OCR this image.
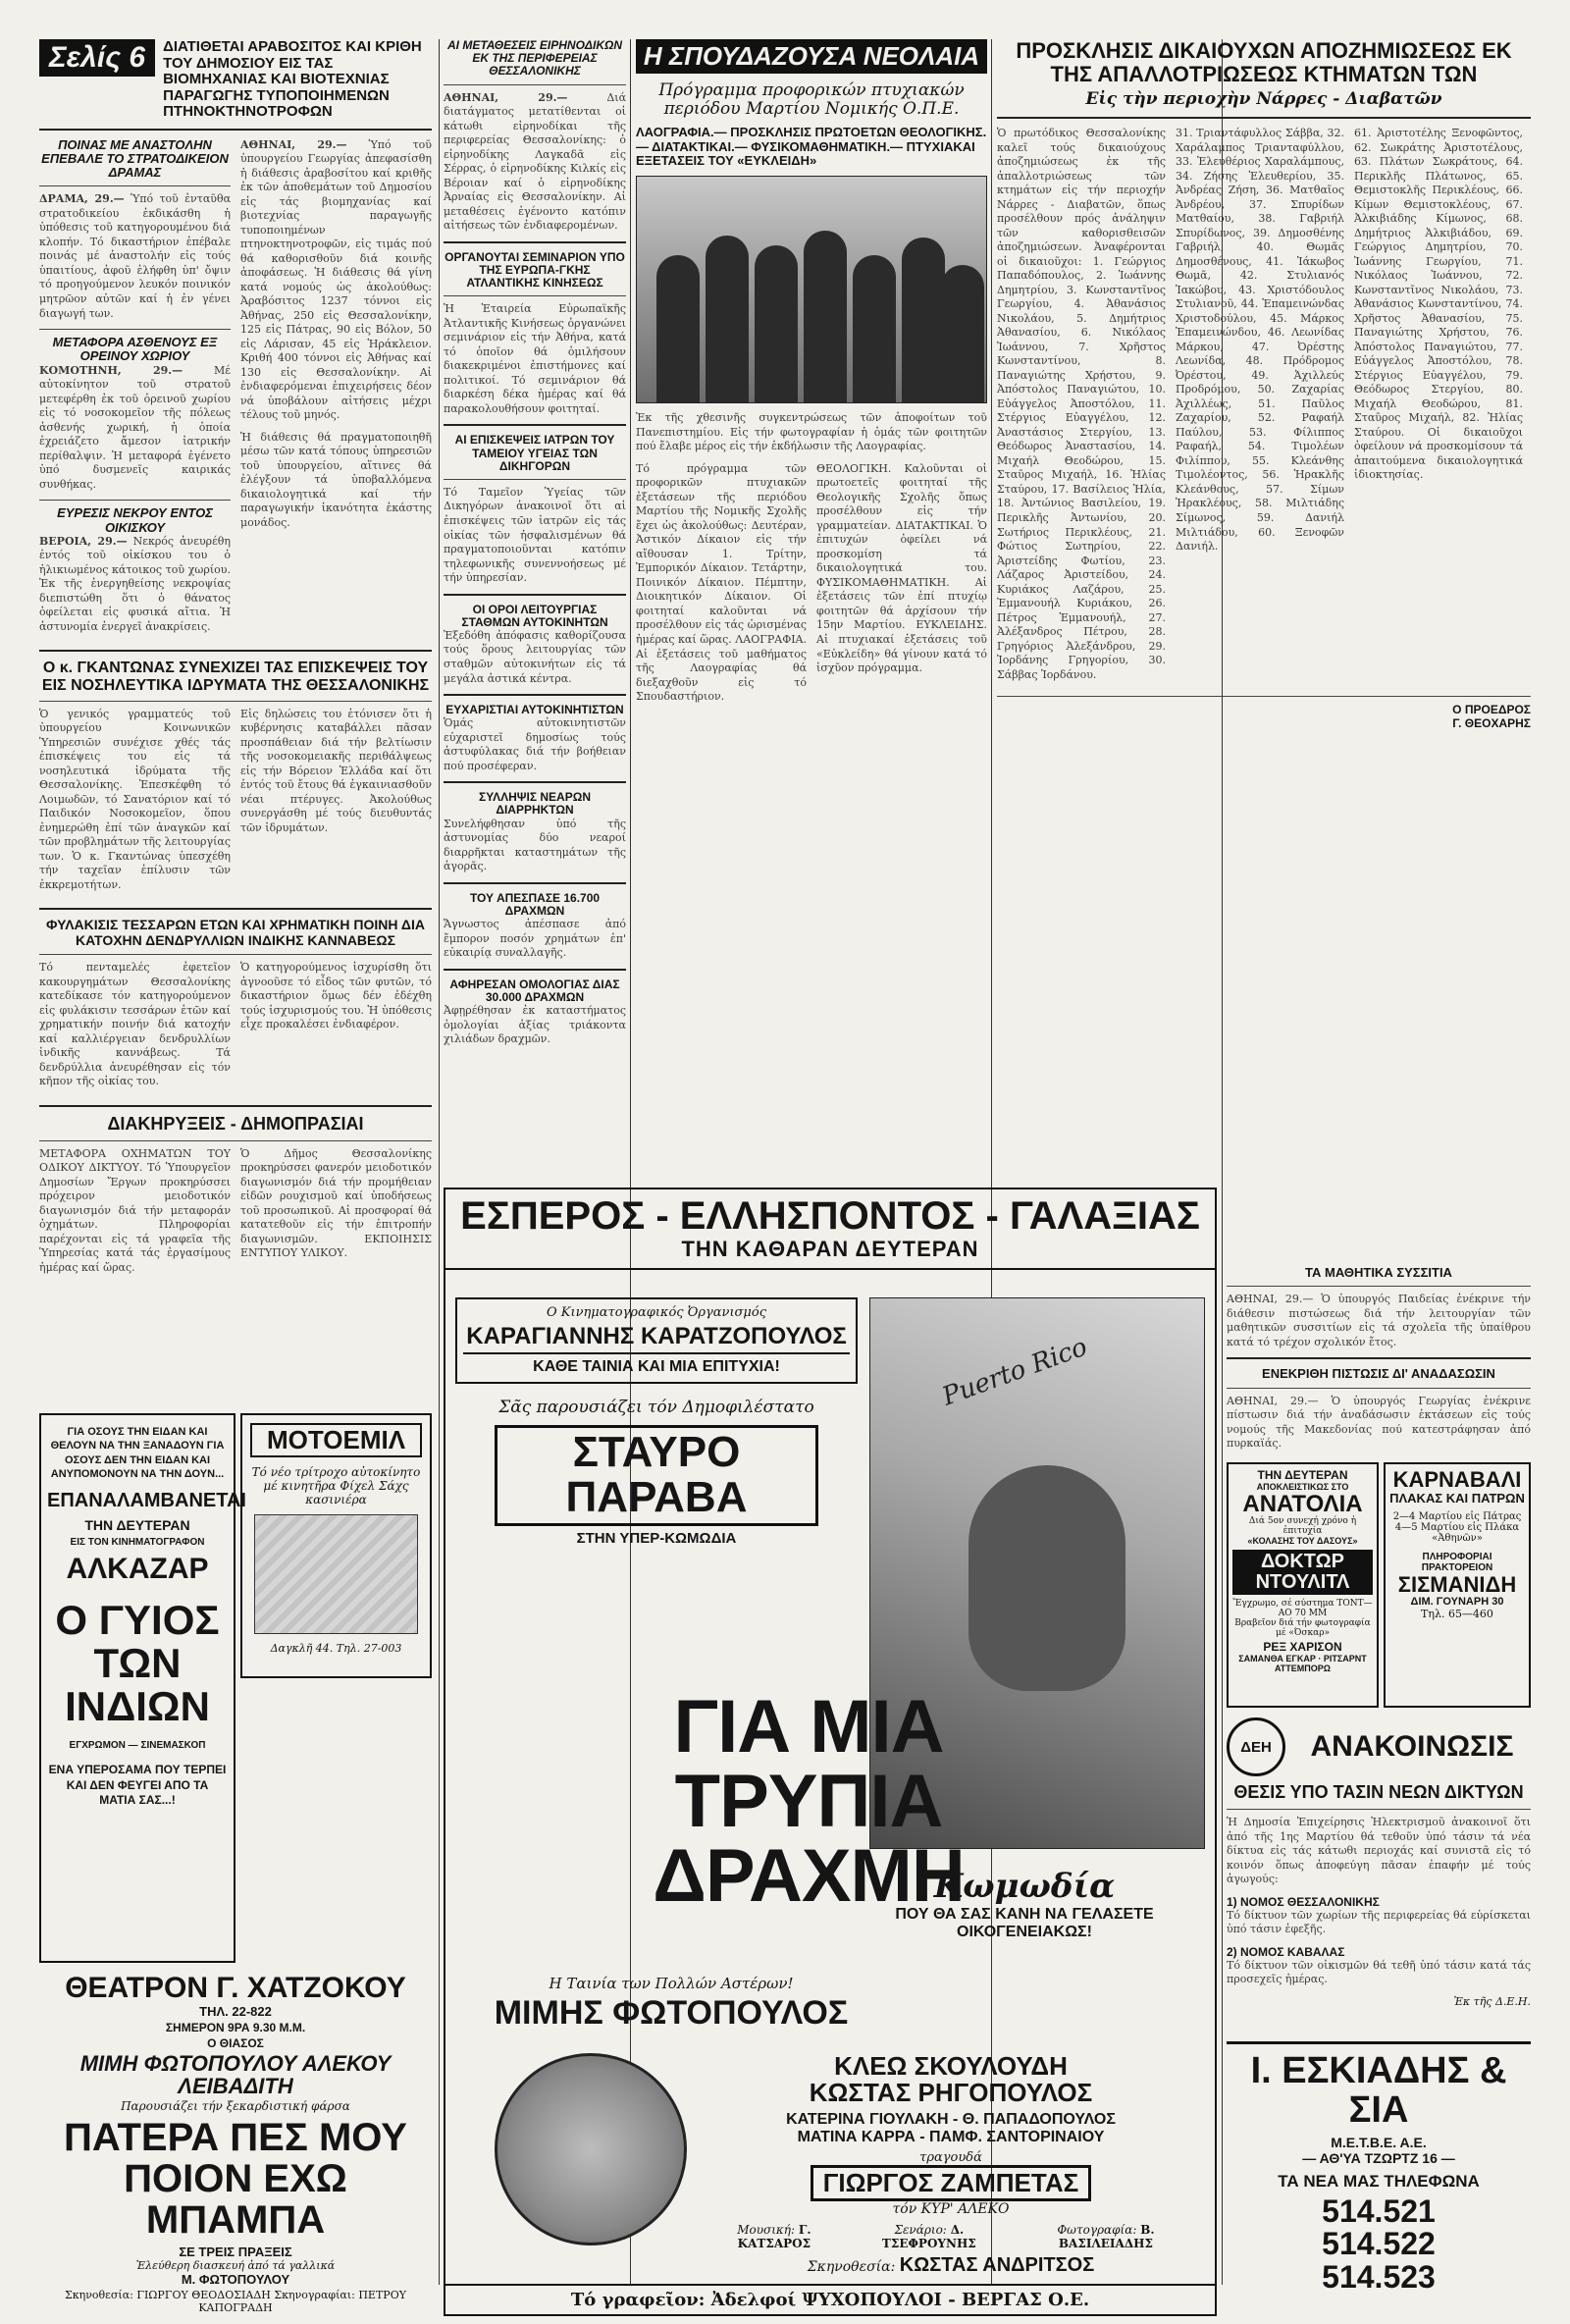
Σελίς 6	ΔΙΑΤΙΘΕΤΑΙ ΑΡΑΒΟΣΙΤΟΣ ΚΑΙ ΚΡΙΘΗ ΤΟΥ ΔΗΜΟΣΙΟΥ ΕΙΣ ΤΑΣ ΒΙΟΜΗΧΑΝΙΑΣ ΚΑΙ ΒΙΟΤΕΧΝΙΑΣ ΠΑΡΑΓΩΓΗΣ ΤΥΠΟΠΟΙΗΜΕΝΩΝ ΠΤΗΝΟΚΤΗΝΟΤΡΟΦΩΝ
ΠΟΙΝΑΣ ΜΕ ΑΝΑΣΤΟΛΗΝ ΕΠΕΒΑΛΕ ΤΟ ΣΤΡΑΤΟΔΙΚΕΙΟΝ ΔΡΑΜΑΣ

ΔΡΑΜΑ, 29.— Ὑπό τοῦ ἐνταῦθα στρατοδικείου ἐκδικάσθη ἡ ὑπόθεσις τοῦ κατηγορουμένου διά κλοπήν. Τό δικαστήριον ἐπέβαλε ποινάς μέ ἀναστολήν εἰς τούς ὑπαιτίους, ἀφοῦ ἐλήφθη ὑπ' ὄψιν τό προηγούμενον λευκόν ποινικόν μητρῶον αὐτῶν καί ἡ ἐν γένει διαγωγή των.

ΜΕΤΑΦΟΡΑ ΑΣΘΕΝΟΥΣ ΕΞ ΟΡΕΙΝΟΥ ΧΩΡΙΟΥ

ΚΟΜΟΤΗΝΗ, 29.— Μέ αὐτοκίνητον τοῦ στρατοῦ μετεφέρθη ἐκ τοῦ ὀρεινοῦ χωρίου εἰς τό νοσοκομεῖον τῆς πόλεως ἀσθενής χωρική, ἡ ὁποία ἐχρειάζετο ἄμεσον ἰατρικήν περίθαλψιν. Ἡ μεταφορά ἐγένετο ὑπό δυσμενεῖς καιρικάς συνθήκας.

ΕΥΡΕΣΙΣ ΝΕΚΡΟΥ ΕΝΤΟΣ ΟΙΚΙΣΚΟΥ

ΒΕΡΟΙΑ, 29.— Νεκρός ἀνευρέθη ἐντός τοῦ οἰκίσκου του ὁ ἡλικιωμένος κάτοικος τοῦ χωρίου. Ἐκ τῆς ἐνεργηθείσης νεκροψίας διεπιστώθη ὅτι ὁ θάνατος ὀφείλεται εἰς φυσικά αἴτια. Ἡ ἀστυνομία ἐνεργεῖ ἀνακρίσεις.

ΑΘΗΝΑΙ, 29.— Ὑπό τοῦ ὑπουργείου Γεωργίας ἀπεφασίσθη ἡ διάθεσις ἀραβοσίτου καί κριθῆς ἐκ τῶν ἀποθεμάτων τοῦ Δημοσίου εἰς τάς βιομηχανίας καί βιοτεχνίας παραγωγῆς τυποποιημένων πτηνοκτηνοτροφῶν, εἰς τιμάς πού θά καθορισθοῦν διά κοινῆς ἀποφάσεως. Ἡ διάθεσις θά γίνη κατά νομούς ὡς ἀκολούθως: Ἀραβόσιτος 1237 τόννοι εἰς Ἀθήνας, 250 εἰς Θεσσαλονίκην, 125 εἰς Πάτρας, 90 εἰς Βόλον, 50 εἰς Λάρισαν, 45 εἰς Ἡράκλειον. Κριθή 400 τόννοι εἰς Ἀθήνας καί 130 εἰς Θεσσαλονίκην. Αἱ ἐνδιαφερόμεναι ἐπιχειρήσεις δέον νά ὑποβάλουν αἰτήσεις μέχρι τέλους τοῦ μηνός.

Ἡ διάθεσις θά πραγματοποιηθῆ μέσω τῶν κατά τόπους ὑπηρεσιῶν τοῦ ὑπουργείου, αἵτινες θά ἐλέγξουν τά ὑποβαλλόμενα δικαιολογητικά καί τήν παραγωγικήν ἱκανότητα ἑκάστης μονάδος.

Ο κ. ΓΚΑΝΤΩΝΑΣ ΣΥΝΕΧΙΖΕΙ ΤΑΣ ΕΠΙΣΚΕΨΕΙΣ ΤΟΥ ΕΙΣ ΝΟΣΗΛΕΥΤΙΚΑ ΙΔΡΥΜΑΤΑ ΤΗΣ ΘΕΣΣΑΛΟΝΙΚΗΣ

Ὁ γενικός γραμματεύς τοῦ ὑπουργείου Κοινωνικῶν Ὑπηρεσιῶν συνέχισε χθές τάς ἐπισκέψεις του εἰς τά νοσηλευτικά ἱδρύματα τῆς Θεσσαλονίκης. Ἐπεσκέφθη τό Λοιμωδῶν, τό Σανατόριον καί τό Παιδικόν Νοσοκομεῖον, ὅπου ἐνημερώθη ἐπί τῶν ἀναγκῶν καί τῶν προβλημάτων τῆς λειτουργίας των. Ὁ κ. Γκαντώνας ὑπεσχέθη τήν ταχεῖαν ἐπίλυσιν τῶν ἐκκρεμοτήτων.

Εἰς δηλώσεις του ἐτόνισεν ὅτι ἡ κυβέρνησις καταβάλλει πᾶσαν προσπάθειαν διά τήν βελτίωσιν τῆς νοσοκομειακῆς περιθάλψεως εἰς τήν Βόρειον Ἑλλάδα καί ὅτι ἐντός τοῦ ἔτους θά ἐγκαινιασθοῦν νέαι πτέρυγες. Ἀκολούθως συνεργάσθη μέ τούς διευθυντάς τῶν ἱδρυμάτων.

ΦΥΛΑΚΙΣΙΣ ΤΕΣΣΑΡΩΝ ΕΤΩΝ ΚΑΙ ΧΡΗΜΑΤΙΚΗ ΠΟΙΝΗ ΔΙΑ ΚΑΤΟΧΗΝ ΔΕΝΔΡΥΛΛΙΩΝ ΙΝΔΙΚΗΣ ΚΑΝΝΑΒΕΩΣ

Τό πενταμελές ἐφετεῖον κακουργημάτων Θεσσαλονίκης κατεδίκασε τόν κατηγορούμενον εἰς φυλάκισιν τεσσάρων ἐτῶν καί χρηματικήν ποινήν διά κατοχήν καί καλλιέργειαν δενδρυλλίων ἰνδικῆς καννάβεως. Τά δενδρύλλια ἀνευρέθησαν εἰς τόν κῆπον τῆς οἰκίας του.

Ὁ κατηγορούμενος ἰσχυρίσθη ὅτι ἀγνοοῦσε τό εἶδος τῶν φυτῶν, τό δικαστήριον ὅμως δέν ἐδέχθη τούς ἰσχυρισμούς του. Ἡ ὑπόθεσις εἶχε προκαλέσει ἐνδιαφέρον.

ΔΙΑΚΗΡΥΞΕΙΣ - ΔΗΜΟΠΡΑΣΙΑΙ

ΜΕΤΑΦΟΡΑ ΟΧΗΜΑΤΩΝ ΤΟΥ ΟΔΙΚΟΥ ΔΙΚΤΥΟΥ. Τό Ὑπουργεῖον Δημοσίων Ἔργων προκηρύσσει πρόχειρον μειοδοτικόν διαγωνισμόν διά τήν μεταφοράν ὀχημάτων. Πληροφορίαι παρέχονται εἰς τά γραφεῖα τῆς Ὑπηρεσίας κατά τάς ἐργασίμους ἡμέρας καί ὥρας.

Ὁ Δῆμος Θεσσαλονίκης προκηρύσσει φανερόν μειοδοτικόν διαγωνισμόν διά τήν προμήθειαν εἰδῶν ρουχισμοῦ καί ὑποδήσεως τοῦ προσωπικοῦ. Αἱ προσφοραί θά κατατεθοῦν εἰς τήν ἐπιτροπήν διαγωνισμῶν. ΕΚΠΟΙΗΣΙΣ ΕΝΤΥΠΟΥ ΥΛΙΚΟΥ.

ΑΙ ΜΕΤΑΘΕΣΕΙΣ ΕΙΡΗΝΟΔΙΚΩΝ ΕΚ ΤΗΣ ΠΕΡΙΦΕΡΕΙΑΣ ΘΕΣΣΑΛΟΝΙΚΗΣ

ΑΘΗΝΑΙ, 29.— Διά διατάγματος μετατίθενται οἱ κάτωθι εἰρηνοδίκαι τῆς περιφερείας Θεσσαλονίκης: ὁ εἰρηνοδίκης Λαγκαδᾶ εἰς Σέρρας, ὁ εἰρηνοδίκης Κιλκίς εἰς Βέροιαν καί ὁ εἰρηνοδίκης Ἀρναίας εἰς Θεσσαλονίκην. Αἱ μεταθέσεις ἐγένοντο κατόπιν αἰτήσεως τῶν ἐνδιαφερομένων.

ΟΡΓΑΝΟΥΤΑΙ ΣΕΜΙΝΑΡΙΟΝ ΥΠΟ ΤΗΣ ΕΥΡΩΠΑ-ΓΚΗΣ ΑΤΛΑΝΤΙΚΗΣ ΚΙΝΗΣΕΩΣ

Ἡ Ἑταιρεία Εὐρωπαϊκῆς Ἀτλαντικῆς Κινήσεως ὀργανώνει σεμινάριον εἰς τήν Ἀθήνα, κατά τό ὁποῖον θά ὁμιλήσουν διακεκριμένοι ἐπιστήμονες καί πολιτικοί. Τό σεμινάριον θά διαρκέση δέκα ἡμέρας καί θά παρακολουθήσουν φοιτηταί.

ΑΙ ΕΠΙΣΚΕΨΕΙΣ ΙΑΤΡΩΝ ΤΟΥ ΤΑΜΕΙΟΥ ΥΓΕΙΑΣ ΤΩΝ ΔΙΚΗΓΟΡΩΝ

Τό Ταμεῖον Ὑγείας τῶν Δικηγόρων ἀνακοινοῖ ὅτι αἱ ἐπισκέψεις τῶν ἰατρῶν εἰς τάς οἰκίας τῶν ἠσφαλισμένων θά πραγματοποιοῦνται κατόπιν τηλεφωνικῆς συνεννοήσεως μέ τήν ὑπηρεσίαν.

ΟΙ ΟΡΟΙ ΛΕΙΤΟΥΡΓΙΑΣ ΣΤΑΘΜΩΝ ΑΥΤΟΚΙΝΗΤΩΝ

Ἐξεδόθη ἀπόφασις καθορίζουσα τούς ὅρους λειτουργίας τῶν σταθμῶν αὐτοκινήτων εἰς τά μεγάλα ἀστικά κέντρα.

ΕΥΧΑΡΙΣΤΙΑΙ ΑΥΤΟΚΙΝΗΤΙΣΤΩΝ

Ὁμάς αὐτοκινητιστῶν εὐχαριστεῖ δημοσίως τούς ἀστυφύλακας διά τήν βοήθειαν πού προσέφεραν.

ΣΥΛΛΗΨΙΣ ΝΕΑΡΩΝ ΔΙΑΡΡΗΚΤΩΝ

Συνελήφθησαν ὑπό τῆς ἀστυνομίας δύο νεαροί διαρρῆκται καταστημάτων τῆς ἀγορᾶς.

ΤΟΥ ΑΠΕΣΠΑΣΕ 16.700 ΔΡΑΧΜΩΝ

Ἄγνωστος ἀπέσπασε ἀπό ἔμπορον ποσόν χρημάτων ἐπ' εὐκαιρίᾳ συναλλαγῆς.

ΑΦΗΡΕΣΑΝ ΟΜΟΛΟΓΙΑΣ ΔΙΑΣ 30.000 ΔΡΑΧΜΩΝ

Ἀφῃρέθησαν ἐκ καταστήματος ὁμολογίαι ἀξίας τριάκοντα χιλιάδων δραχμῶν.

Η ΣΠΟΥΔΑΖΟΥΣΑ ΝΕΟΛΑΙΑ
Πρόγραμμα προφορικών πτυχιακών περιόδου Μαρτίου Νομικής Ο.Π.Ε.
ΛΑΟΓΡΑΦΙΑ.— ΠΡΟΣΚΛΗΣΙΣ ΠΡΩΤΟΕΤΩΝ ΘΕΟΛΟΓΙΚΗΣ.— ΔΙΑΤΑΚΤΙΚΑΙ.— ΦΥΣΙΚΟΜΑΘΗΜΑΤΙΚΗ.— ΠΤΥΧΙΑΚΑΙ ΕΞΕΤΑΣΕΙΣ ΤΟΥ «ΕΥΚΛΕΙΔΗ»

Ἐκ τῆς χθεσινῆς συγκεντρώσεως τῶν ἀποφοίτων τοῦ Πανεπιστημίου. Εἰς τήν φωτογραφίαν ἡ ὁμάς τῶν φοιτητῶν πού ἔλαβε μέρος εἰς τήν ἐκδήλωσιν τῆς Λαογραφίας.

Τό πρόγραμμα τῶν προφορικῶν πτυχιακῶν ἐξετάσεων τῆς περιόδου Μαρτίου τῆς Νομικῆς Σχολῆς ἔχει ὡς ἀκολούθως: Δευτέραν, Ἀστικόν Δίκαιον εἰς τήν αἴθουσαν 1. Τρίτην, Ἐμπορικόν Δίκαιον. Τετάρτην, Ποινικόν Δίκαιον. Πέμπτην, Διοικητικόν Δίκαιον. Οἱ φοιτηταί καλοῦνται νά προσέλθουν εἰς τάς ὡρισμένας ἡμέρας καί ὥρας. ΛΑΟΓΡΑΦΙΑ. Αἱ ἐξετάσεις τοῦ μαθήματος τῆς Λαογραφίας θά διεξαχθοῦν εἰς τό Σπουδαστήριον.

ΘΕΟΛΟΓΙΚΗ. Καλοῦνται οἱ πρωτοετεῖς φοιτηταί τῆς Θεολογικῆς Σχολῆς ὅπως προσέλθουν εἰς τήν γραμματείαν. ΔΙΑΤΑΚΤΙΚΑΙ. Ὁ ἐπιτυχών ὀφείλει νά προσκομίση τά δικαιολογητικά του. ΦΥΣΙΚΟΜΑΘΗΜΑΤΙΚΗ. Αἱ ἐξετάσεις τῶν ἐπί πτυχίῳ φοιτητῶν θά ἀρχίσουν τήν 15ην Μαρτίου. ΕΥΚΛΕΙΔΗΣ. Αἱ πτυχιακαί ἐξετάσεις τοῦ «Εὐκλείδη» θά γίνουν κατά τό ἰσχῦον πρόγραμμα.

ΠΡΟΣΚΛΗΣΙΣ ΔΙΚΑΙΟΥΧΩΝ ΑΠΟΖΗΜΙΩΣΕΩΣ ΕΚ ΤΗΣ ΑΠΑΛΛΟΤΡΙΩΣΕΩΣ ΚΤΗΜΑΤΩΝ ΤΩΝ
Εἰς τὴν περιοχὴν Νάρρες - Διαβατῶν

Ὁ πρωτόδικος Θεσσαλονίκης καλεῖ τούς δικαιούχους ἀποζημιώσεως ἐκ τῆς ἀπαλλοτριώσεως τῶν κτημάτων εἰς τήν περιοχήν Νάρρες - Διαβατῶν, ὅπως προσέλθουν πρός ἀνάληψιν τῶν καθορισθεισῶν ἀποζημιώσεων. Ἀναφέρονται οἱ δικαιοῦχοι: 1. Γεώργιος Παπαδόπουλος, 2. Ἰωάννης Δημητρίου, 3. Κωνσταντῖνος Γεωργίου, 4. Ἀθανάσιος Νικολάου, 5. Δημήτριος Ἀθανασίου, 6. Νικόλαος Ἰωάννου, 7. Χρῆστος Κωνσταντίνου, 8. Παναγιώτης Χρήστου, 9. Ἀπόστολος Παναγιώτου, 10. Εὐάγγελος Ἀποστόλου, 11. Στέργιος Εὐαγγέλου, 12. Ἀναστάσιος Στεργίου, 13. Θεόδωρος Ἀναστασίου, 14. Μιχαήλ Θεοδώρου, 15. Σταῦρος Μιχαήλ, 16. Ἠλίας Σταύρου, 17. Βασίλειος Ἠλία, 18. Ἀντώνιος Βασιλείου, 19. Περικλῆς Ἀντωνίου, 20. Σωτήριος Περικλέους, 21. Φώτιος Σωτηρίου, 22. Ἀριστείδης Φωτίου, 23. Λάζαρος Ἀριστείδου, 24. Κυριάκος Λαζάρου, 25. Ἐμμανουήλ Κυριάκου, 26. Πέτρος Ἐμμανουήλ, 27. Ἀλέξανδρος Πέτρου, 28. Γρηγόριος Ἀλεξάνδρου, 29. Ἰορδάνης Γρηγορίου, 30. Σάββας Ἰορδάνου.

31. Τριαντάφυλλος Σάββα, 32. Χαράλαμπος Τριανταφύλλου, 33. Ἐλευθέριος Χαραλάμπους, 34. Ζήσης Ἐλευθερίου, 35. Ἀνδρέας Ζήση, 36. Ματθαῖος Ἀνδρέου, 37. Σπυρίδων Ματθαίου, 38. Γαβριήλ Σπυρίδωνος, 39. Δημοσθένης Γαβριήλ, 40. Θωμᾶς Δημοσθένους, 41. Ἰάκωβος Θωμᾶ, 42. Στυλιανός Ἰακώβου, 43. Χριστόδουλος Στυλιανοῦ, 44. Ἐπαμεινώνδας Χριστοδούλου, 45. Μάρκος Ἐπαμεινώνδου, 46. Λεωνίδας Μάρκου, 47. Ὀρέστης Λεωνίδα, 48. Πρόδρομος Ὀρέστου, 49. Ἀχιλλεύς Προδρόμου, 50. Ζαχαρίας Ἀχιλλέως, 51. Παῦλος Ζαχαρίου, 52. Ραφαήλ Παύλου, 53. Φίλιππος Ραφαήλ, 54. Τιμολέων Φιλίππου, 55. Κλεάνθης Τιμολέοντος, 56. Ἡρακλῆς Κλεάνθους, 57. Σίμων Ἡρακλέους, 58. Μιλτιάδης Σίμωνος, 59. Δανιήλ Μιλτιάδου, 60. Ξενοφῶν Δανιήλ.

61. Ἀριστοτέλης Ξενοφῶντος, 62. Σωκράτης Ἀριστοτέλους, 63. Πλάτων Σωκράτους, 64. Περικλῆς Πλάτωνος, 65. Θεμιστοκλῆς Περικλέους, 66. Κίμων Θεμιστοκλέους, 67. Ἀλκιβιάδης Κίμωνος, 68. Δημήτριος Ἀλκιβιάδου, 69. Γεώργιος Δημητρίου, 70. Ἰωάννης Γεωργίου, 71. Νικόλαος Ἰωάννου, 72. Κωνσταντῖνος Νικολάου, 73. Ἀθανάσιος Κωνσταντίνου, 74. Χρῆστος Ἀθανασίου, 75. Παναγιώτης Χρήστου, 76. Ἀπόστολος Παναγιώτου, 77. Εὐάγγελος Ἀποστόλου, 78. Στέργιος Εὐαγγέλου, 79. Θεόδωρος Στεργίου, 80. Μιχαήλ Θεοδώρου, 81. Σταῦρος Μιχαήλ, 82. Ἠλίας Σταύρου. Οἱ δικαιοῦχοι ὀφείλουν νά προσκομίσουν τά ἀπαιτούμενα δικαιολογητικά ἰδιοκτησίας.

Ο ΠΡΟΕΔΡΟΣ
Γ. ΘΕΟΧΑΡΗΣ
ΓΙΑ ΟΣΟΥΣ ΤΗΝ ΕΙΔΑΝ ΚΑΙ ΘΕΛΟΥΝ ΝΑ ΤΗΝ ΞΑΝΑΔΟΥΝ ΓΙΑ ΟΣΟΥΣ ΔΕΝ ΤΗΝ ΕΙΔΑΝ ΚΑΙ ΑΝΥΠΟΜΟΝΟΥΝ ΝΑ ΤΗΝ ΔΟΥΝ...
ΕΠΑΝΑΛΑΜΒΑΝΕΤΑΙ
ΤΗΝ ΔΕΥΤΕΡΑΝ
ΕΙΣ ΤΟΝ ΚΙΝΗΜΑΤΟΓΡΑΦΟΝ
ΑΛΚΑΖΑΡ
Ο ΓΥΙΟΣ ΤΩΝ ΙΝΔΙΩΝ
ΕΓΧΡΩΜΟΝ — ΣΙΝΕΜΑΣΚΟΠ
ΕΝΑ ΥΠΕΡΟΣΑΜΑ ΠΟΥ ΤΕΡΠΕΙ ΚΑΙ ΔΕΝ ΦΕΥΓΕΙ ΑΠΟ ΤΑ ΜΑΤΙΑ ΣΑΣ...!
ΜΟΤΟΕΜΙΛ
Τό νέο τρίτροχο αὐτοκίνητο μέ κινητῆρα Φίχελ Σάχς κασινιέρα
Δαγκλῆ 44. Τηλ. 27-003
ΘΕΑΤΡΟΝ Γ. ΧΑΤΖΟΚΟΥ
ΤΗΛ. 22-822
ΣΗΜΕΡΟΝ 9ΡΑ 9.30 Μ.Μ.
Ο ΘΙΑΣΟΣ
ΜΙΜΗ ΦΩΤΟΠΟΥΛΟΥ ΑΛΕΚΟΥ ΛΕΙΒΑΔΙΤΗ
Παρουσιάζει τήν ξεκαρδιστική φάρσα
ΠΑΤΕΡΑ ΠΕΣ ΜΟΥ ΠΟΙΟΝ ΕΧΩ ΜΠΑΜΠΑ
ΣΕ ΤΡΕΙΣ ΠΡΑΞΕΙΣ
Ἐλεύθερη διασκευή ἀπό τά γαλλικά
Μ. ΦΩΤΟΠΟΥΛΟΥ
Σκηνοθεσία: ΓΙΩΡΓΟΥ ΘΕΟΔΟΣΙΑΔΗ Σκηνογραφίαι: ΠΕΤΡΟΥ ΚΑΠΟΓΡΑΔΗ
ΕΣΠΕΡΟΣ - ΕΛΛΗΣΠΟΝΤΟΣ - ΓΑΛΑΞΙΑΣ
ΤΗΝ ΚΑΘΑΡΑΝ ΔΕΥΤΕΡΑΝ
Ο Κινηματογραφικός Ὀργανισμός
ΚΑΡΑΓΙΑΝΝΗΣ ΚΑΡΑΤΖΟΠΟΥΛΟΣ
ΚΑΘΕ ΤΑΙΝΙΑ ΚΑΙ ΜΙΑ ΕΠΙΤΥΧΙΑ!
Σᾶς παρουσιάζει τόν Δημοφιλέστατο
ΣΤΑΥΡΟ ΠΑΡΑΒΑ
ΣΤΗΝ ΥΠΕΡ-ΚΩΜΩΔΙΑ
Puerto Rico
ΓΙΑ ΜΙΑ ΤΡΥΠΙΑ ΔΡΑΧΜΗ
Κωμωδία
ΠΟΥ ΘΑ ΣΑΣ ΚΑΝΗ ΝΑ ΓΕΛΑΣΕΤΕ ΟΙΚΟΓΕΝΕΙΑΚΩΣ!
Η Ταινία των Πολλών Αστέρων!
ΜΙΜΗΣ ΦΩΤΟΠΟΥΛΟΣ
ΚΛΕΩ ΣΚΟΥΛΟΥΔΗ
ΚΩΣΤΑΣ ΡΗΓΟΠΟΥΛΟΣ
ΚΑΤΕΡΙΝΑ ΓΙΟΥΛΑΚΗ - Θ. ΠΑΠΑΔΟΠΟΥΛΟΣ
ΜΑΤΙΝΑ ΚΑΡΡΑ - ΠΑΜΦ. ΣΑΝΤΟΡΙΝΑΙΟΥ
τραγουδά
ΓΙΩΡΓΟΣ ΖΑΜΠΕΤΑΣ
τόν ΚΥΡ' ΑΛΕΚΟ
Μουσική: Γ. ΚΑΤΣΑΡΟΣ
Σενάριο: Δ. ΤΣΕΦΡΟΥΝΗΣ
Φωτογραφία: Β. ΒΑΣΙΛΕΙΑΔΗΣ
Σκηνοθεσία: ΚΩΣΤΑΣ ΑΝΔΡΙΤΣΟΣ
Τό γραφεῖον: Ἀδελφοί ΨΥΧΟΠΟΥΛΟΙ - ΒΕΡΓΑΣ Ο.Ε.
ΤΑ ΜΑΘΗΤΙΚΑ ΣΥΣΣΙΤΙΑ

ΑΘΗΝΑΙ, 29.— Ὁ ὑπουργός Παιδείας ἐνέκρινε τήν διάθεσιν πιστώσεως διά τήν λειτουργίαν τῶν μαθητικῶν συσσιτίων εἰς τά σχολεῖα τῆς ὑπαίθρου κατά τό τρέχον σχολικόν ἔτος.

ΕΝΕΚΡΙΘΗ ΠΙΣΤΩΣΙΣ ΔΙ' ΑΝΑΔΑΣΩΣΙΝ

ΑΘΗΝΑΙ, 29.— Ὁ ὑπουργός Γεωργίας ἐνέκρινε πίστωσιν διά τήν ἀναδάσωσιν ἐκτάσεων εἰς τούς νομούς τῆς Μακεδονίας πού κατεστράφησαν ἀπό πυρκαϊάς.

ΤΗΝ ΔΕΥΤΕΡΑΝ
ΑΠΟΚΛΕΙΣΤΙΚΩΣ ΣΤΟ
ΑΝΑΤΟΛΙΑ
Διά 5ον συνεχή χρόνο ἡ ἐπιτυχία
«ΚΟΛΑΣΗΣ ΤΟΥ ΔΑΣΟΥΣ»
ΔΟΚΤΩΡ ΝΤΟΥΛΙΤΛ
Ἔγχρωμο, σέ σύστημα ΤΟΝΤ—ΑΟ 70 ΜΜ
Βραβεῖον διά τήν φωτογραφία μέ «Όσκαρ»
ΡΕΞ ΧΑΡΙΣΟΝ
ΣΑΜΑΝΘΑ ΕΓΚΑΡ · ΡΙΤΣΑΡΝΤ ΑΤΤΕΜΠΟΡΩ
ΚΑΡΝΑΒΑΛΙ
ΠΛΑΚΑΣ ΚΑΙ ΠΑΤΡΩΝ
2—4 Μαρτίου εἰς Πάτρας
4—5 Μαρτίου εἰς Πλάκα «Ἀθηνῶν»
ΠΛΗΡΟΦΟΡΙΑΙ ΠΡΑΚΤΟΡΕΙΟΝ
ΣΙΣΜΑΝΙΔΗ
ΔΙΜ. ΓΟΥΝΑΡΗ 30
Τηλ. 65—460
ΔΕΗ	ΑΝΑΚΟΙΝΩΣΙΣ
ΘΕΣΙΣ ΥΠΟ ΤΑΣΙΝ ΝΕΩΝ ΔΙΚΤΥΩΝ

Ἡ Δημοσία Ἐπιχείρησις Ἠλεκτρισμοῦ ἀνακοινοῖ ὅτι ἀπό τῆς 1ης Μαρτίου θά τεθοῦν ὑπό τάσιν τά νέα δίκτυα εἰς τάς κάτωθι περιοχάς καί συνιστᾶ εἰς τό κοινόν ὅπως ἀποφεύγη πᾶσαν ἐπαφήν μέ τούς ἀγωγούς:

1) ΝΟΜΟΣ ΘΕΣΣΑΛΟΝΙΚΗΣ

Τό δίκτυον τῶν χωρίων τῆς περιφερείας θά εὑρίσκεται ὑπό τάσιν ἐφεξῆς.

2) ΝΟΜΟΣ ΚΑΒΑΛΑΣ

Τό δίκτυον τῶν οἰκισμῶν θά τεθῆ ὑπό τάσιν κατά τάς προσεχεῖς ἡμέρας.

Ἐκ τῆς Δ.Ε.Η.
Ι. ΕΣΚΙΑΔΗΣ & ΣΙΑ
Μ.Ε.Τ.Β.Ε. Α.Ε.
— ΑΘ'ΥΑ ΤΖΩΡΤΖ 16 —
ΤΑ ΝΕΑ ΜΑΣ ΤΗΛΕΦΩΝΑ
514.521
514.522
514.523
